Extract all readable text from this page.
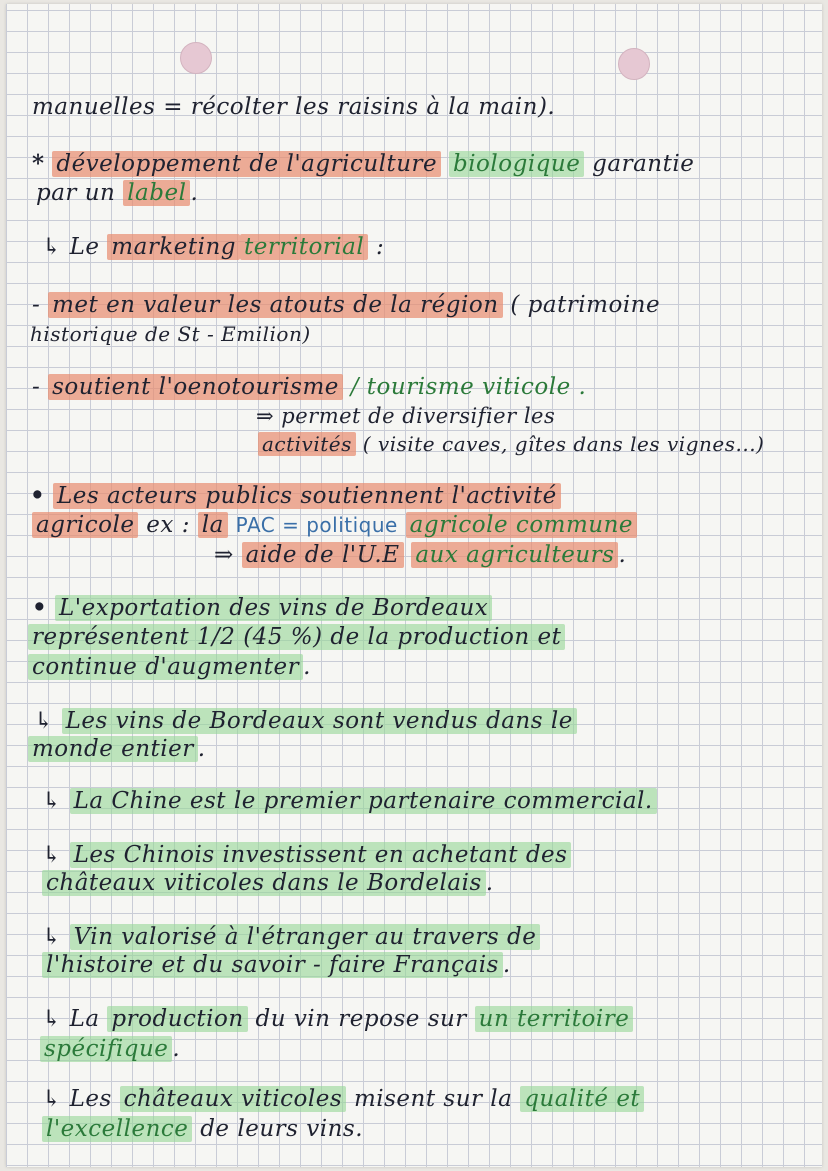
manuelles = récolter les raisins à la main).
* développement de l'agriculture biologique garantie
par un label .
↳ Le marketing territorial :
- met en valeur les atouts de la région ( patrimoine
historique de St - Emilion)
- soutient l'oenotourisme / tourisme viticole .
⇒ permet de diversifier les
activités ( visite caves, gîtes dans les vignes...)
• Les acteurs publics soutiennent l'activité
agricole ex : la PAC = politique agricole commune
⇒ aide de l'U.E aux agriculteurs .
• L'exportation des vins de Bordeaux
représentent 1/2 (45 %) de la production et
continue d'augmenter .
↳ Les vins de Bordeaux sont vendus dans le
monde entier .
↳ La Chine est le premier partenaire commercial.
↳ Les Chinois investissent en achetant des
châteaux viticoles dans le Bordelais .
↳ Vin valorisé à l'étranger au travers de
l'histoire et du savoir - faire Français .
↳ La production du vin repose sur un territoire
spécifique .
↳ Les châteaux viticoles misent sur la qualité et
l'excellence de leurs vins.
